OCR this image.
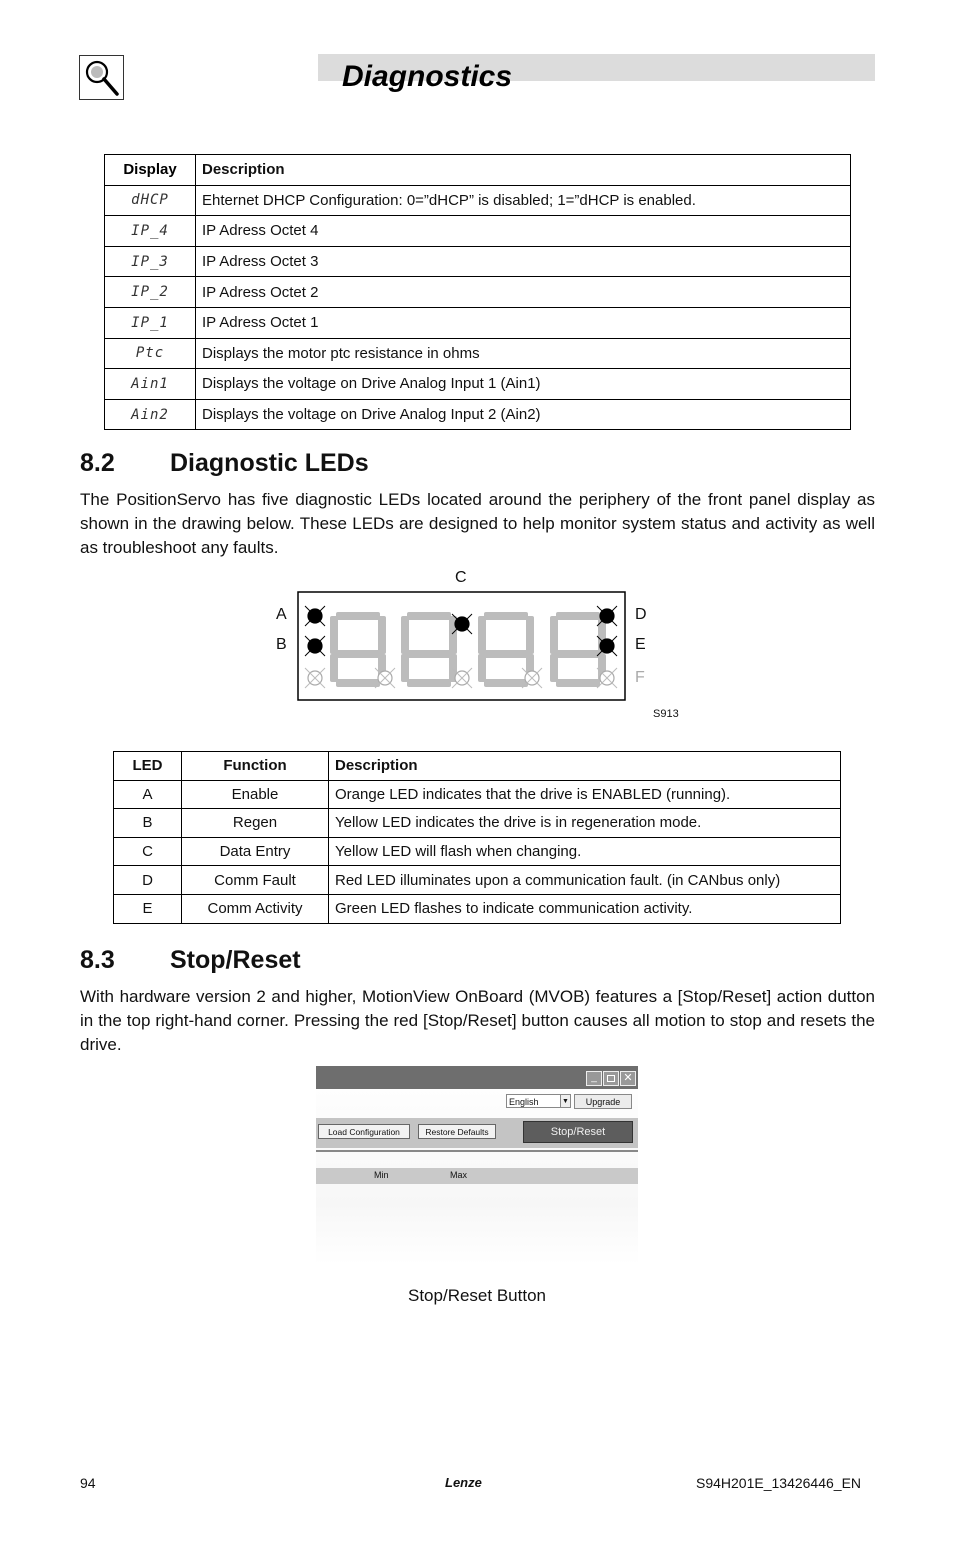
Diagnostics
Display	Description
dHCP	Ehternet DHCP Configuration: 0=”dHCP” is disabled; 1=”dHCP is enabled.
IP_4	IP Adress Octet 4
IP_3	IP Adress Octet 3
IP_2	IP Adress Octet 2
IP_1	IP Adress Octet 1
Ptc	Displays the motor ptc resistance in ohms
Ain1	Displays the voltage on Drive Analog Input 1 (Ain1)
Ain2	Displays the voltage on Drive Analog Input 2 (Ain2)
8.2 Diagnostic LEDs
The PositionServo has five diagnostic LEDs located around the periphery of the front panel display as shown in the drawing below. These LEDs are designed to help monitor system status and activity as well as troubleshoot any faults.
C
A
B
D
E
F
S913
LED	Function	Description
A	Enable	Orange LED indicates that the drive is ENABLED (running).
B	Regen	Yellow LED indicates the drive is in regeneration mode.
C	Data Entry	Yellow LED will flash when changing.
D	Comm Fault	Red LED illuminates upon a communication fault. (in CANbus only)
E	Comm Activity	Green LED flashes to indicate communication activity.
8.3 Stop/Reset
With hardware version 2 and higher, MotionView OnBoard (MVOB) features a [Stop/Reset] action dutton in the top right-hand corner. Pressing the red [Stop/Reset] button causes all motion to stop and resets the drive.
_	✕
English	▼	Upgrade
Load Configuration	Restore Defaults	Stop/Reset
Min	Max
Stop/Reset Button
94	Lenze	S94H201E_13426446_EN
